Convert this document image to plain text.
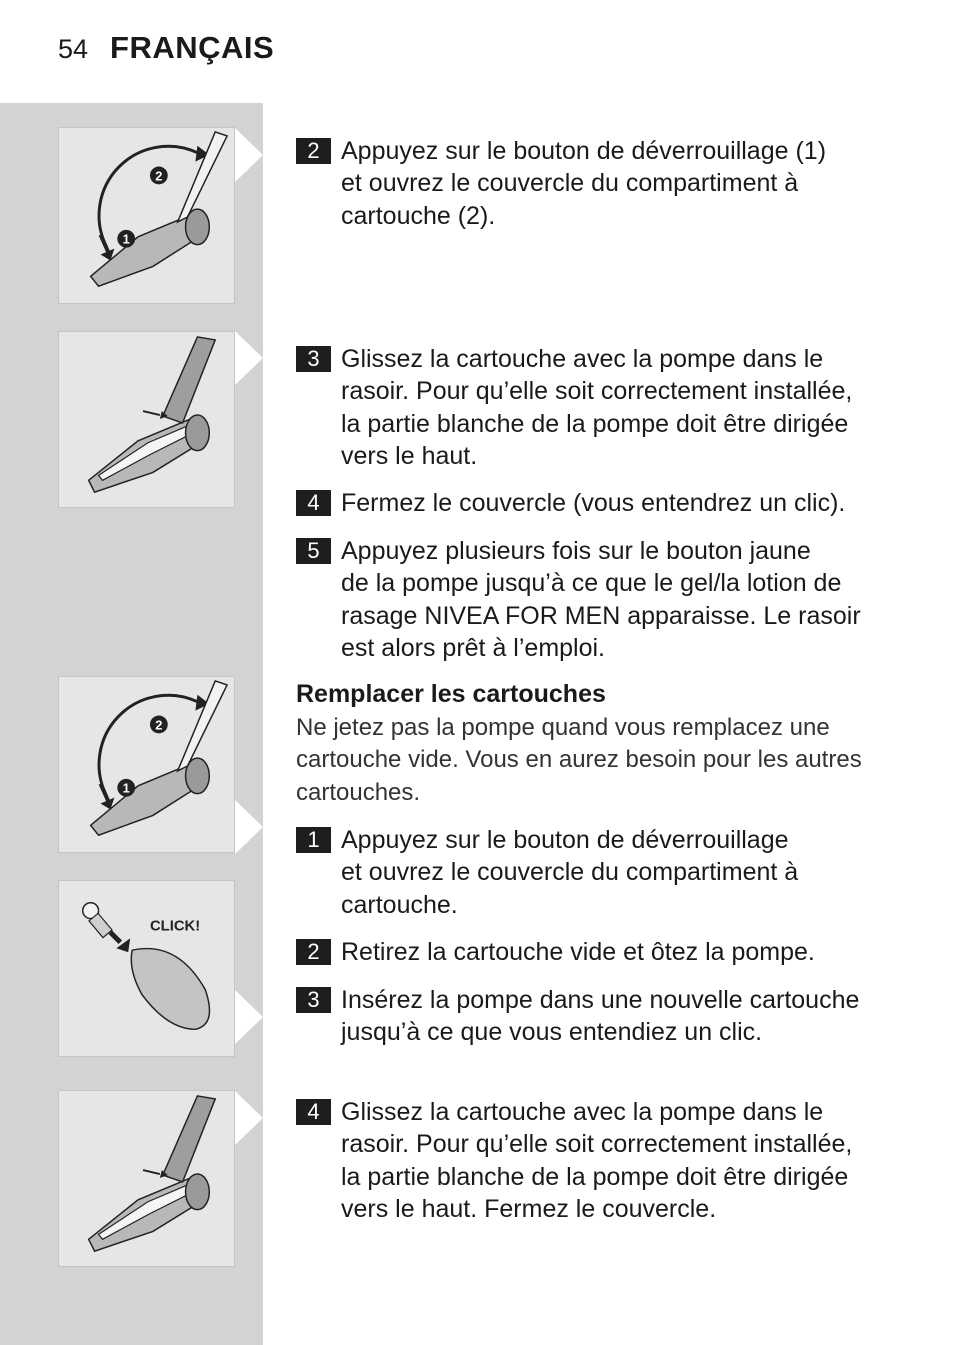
54 FRANÇAIS
2
1
2
1
CLICK!
2 Appuyez sur le bouton de déverrouillage (1)
et ouvrez le couvercle du compartiment à
cartouche (2).
3 Glissez la cartouche avec la pompe dans le
rasoir. Pour qu’elle soit correctement installée,
la partie blanche de la pompe doit être dirigée
vers le haut.
4 Fermez le couvercle (vous entendrez un clic).
5 Appuyez plusieurs fois sur le bouton jaune
de la pompe jusqu’à ce que le gel/la lotion de
rasage NIVEA FOR MEN apparaisse. Le rasoir
est alors prêt à l’emploi.
Remplacer les cartouches
Ne jetez pas la pompe quand vous remplacez une
cartouche vide. Vous en aurez besoin pour les autres
cartouches.
1 Appuyez sur le bouton de déverrouillage
et ouvrez le couvercle du compartiment à
cartouche.
2 Retirez la cartouche vide et ôtez la pompe.
3 Insérez la pompe dans une nouvelle cartouche
jusqu’à ce que vous entendiez un clic.
4 Glissez la cartouche avec la pompe dans le
rasoir. Pour qu’elle soit correctement installée,
la partie blanche de la pompe doit être dirigée
vers le haut. Fermez le couvercle.
